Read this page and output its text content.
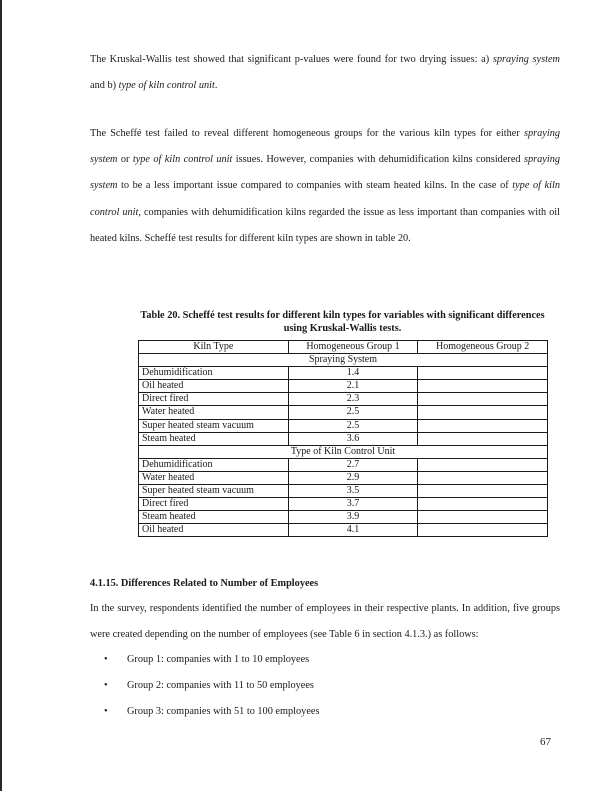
The Kruskal-Wallis test showed that significant p-values were found for two drying issues: a) spraying system and b) type of kiln control unit.

The Scheffé test failed to reveal different homogeneous groups for the various kiln types for either spraying system or type of kiln control unit issues. However, companies with dehumidification kilns considered spraying system to be a less important issue compared to companies with steam heated kilns. In the case of type of kiln control unit, companies with dehumidification kilns regarded the issue as less important than companies with oil heated kilns. Scheffé test results for different kiln types are shown in table 20.

Table 20. Scheffé test results for different kiln types for variables with significant differences using Kruskal-Wallis tests.
Kiln Type	Homogeneous Group 1	Homogeneous Group 2
Spraying System		
Dehumidification	1.4	
Oil heated	2.1	
Direct fired	2.3	
Water heated	2.5	
Super heated steam vacuum	2.5	
Steam heated	3.6	
Type of Kiln Control Unit		
Dehumidification	2.7	
Water heated	2.9	
Super heated steam vacuum	3.5	
Direct fired	3.7	
Steam heated	3.9	
Oil heated	4.1	
4.1.15. Differences Related to Number of Employees

In the survey, respondents identified the number of employees in their respective plants. In addition, five groups were created depending on the number of employees (see Table 6 in section 4.1.3.) as follows:

• Group 1: companies with 1 to 10 employees
• Group 2: companies with 11 to 50 employees
• Group 3: companies with 51 to 100 employees
67
